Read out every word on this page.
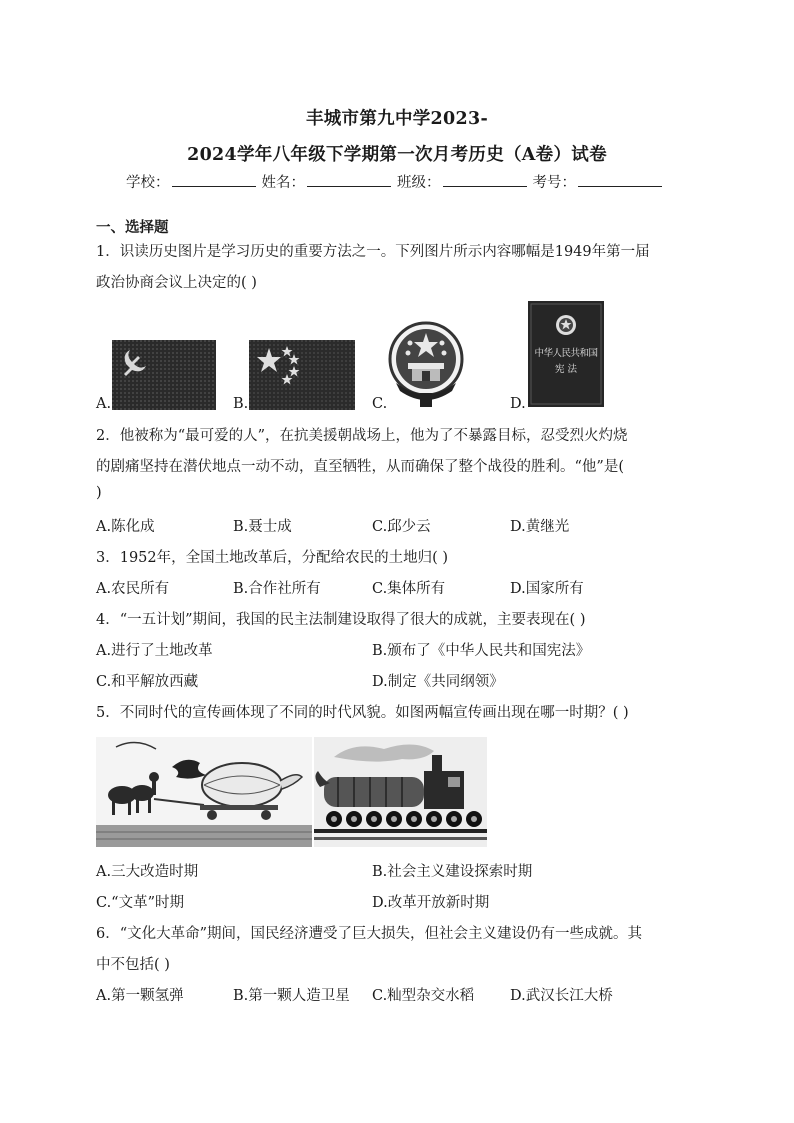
丰城市第九中学2023-
2024学年八年级下学期第一次月考历史（A卷）试卷
学校：	姓名：	班级：	考号：
一、选择题
1．识读历史图片是学习历史的重要方法之一。下列图片所示内容哪幅是1949年第一届
政治协商会议上决定的( )
A.	B.	C.	D.
中华人民共和国
宪 法
2．他被称为“最可爱的人”，在抗美援朝战场上，他为了不暴露目标，忍受烈火灼烧
的剧痛坚持在潜伏地点一动不动，直至牺牲，从而确保了整个战役的胜利。“他”是(
)
A.陈化成	B.聂士成	C.邱少云	D.黄继光
3．1952年，全国土地改革后，分配给农民的土地归( )
A.农民所有	B.合作社所有	C.集体所有	D.国家所有
4．“一五计划”期间，我国的民主法制建设取得了很大的成就，主要表现在( )
A.进行了土地改革	B.颁布了《中华人民共和国宪法》
C.和平解放西藏	D.制定《共同纲领》
5．不同时代的宣传画体现了不同的时代风貌。如图两幅宣传画出现在哪一时期？( )
A.三大改造时期	B.社会主义建设探索时期
C.“文革”时期	D.改革开放新时期
6．“文化大革命”期间，国民经济遭受了巨大损失，但社会主义建设仍有一些成就。其
中不包括( )
A.第一颗氢弹	B.第一颗人造卫星 C.籼型杂交水稻 D.武汉长江大桥
